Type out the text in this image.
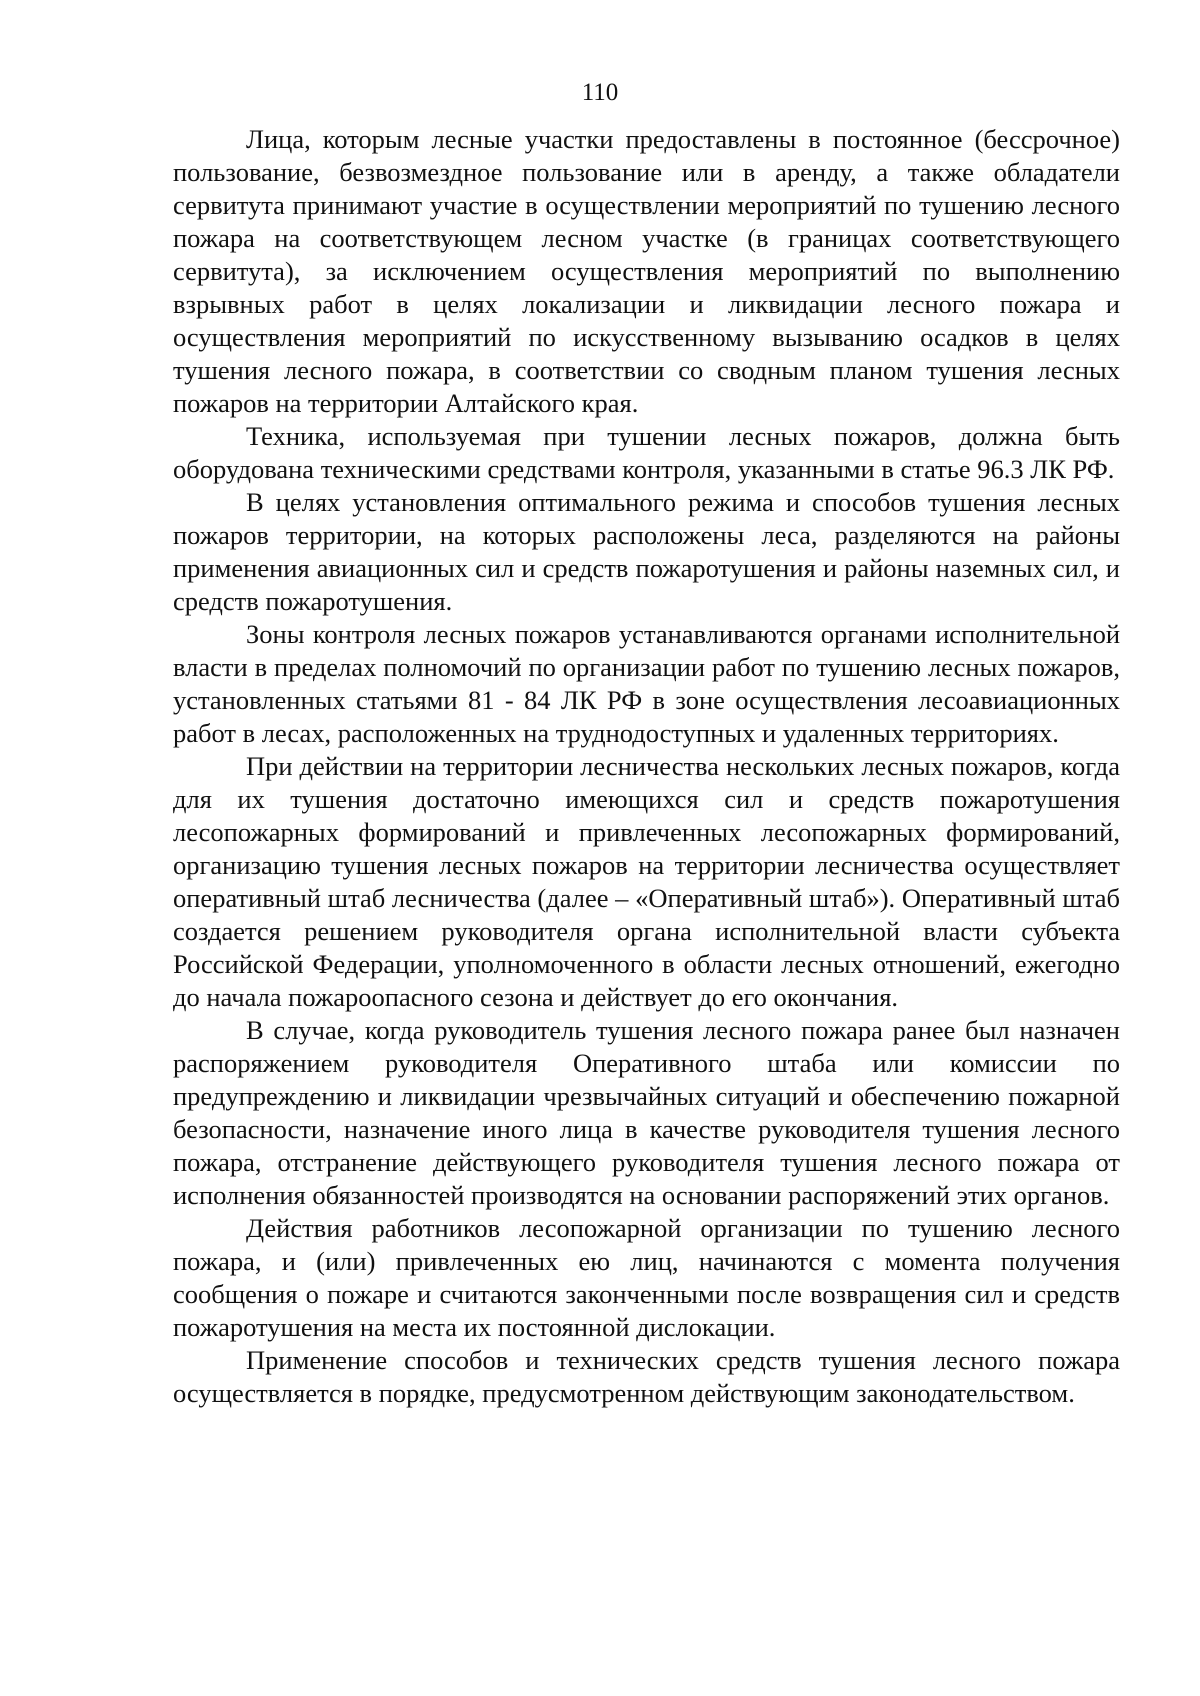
110

Лица, которым лесные участки предоставлены в постоянное (бессрочное) пользование, безвозмездное пользование или в аренду, а также обладатели сервитута принимают участие в осуществлении мероприятий по тушению лесного пожара на соответствующем лесном участке (в границах соответствующего сервитута), за исключением осуществления мероприятий по выполнению взрывных работ в целях локализации и ликвидации лесного пожара и осуществления мероприятий по искусственному вызыванию осадков в целях тушения лесного пожара, в соответствии со сводным планом тушения лесных пожаров на территории Алтайского края.

Техника, используемая при тушении лесных пожаров, должна быть оборудована техническими средствами контроля, указанными в статье 96.3 ЛК РФ.

В целях установления оптимального режима и способов тушения лесных пожаров территории, на которых расположены леса, разделяются на районы применения авиационных сил и средств пожаротушения и районы наземных сил, и средств пожаротушения.

Зоны контроля лесных пожаров устанавливаются органами исполнительной власти в пределах полномочий по организации работ по тушению лесных пожаров, установленных статьями 81 - 84 ЛК РФ в зоне осуществления лесоавиационных работ в лесах, расположенных на труднодоступных и удаленных территориях.

При действии на территории лесничества нескольких лесных пожаров, когда для их тушения достаточно имеющихся сил и средств пожаротушения лесопожарных формирований и привлеченных лесопожарных формирований, организацию тушения лесных пожаров на территории лесничества осуществляет оперативный штаб лесничества (далее – «Оперативный штаб»). Оперативный штаб создается решением руководителя органа исполнительной власти субъекта Российской Федерации, уполномоченного в области лесных отношений, ежегодно до начала пожароопасного сезона и действует до его окончания.

В случае, когда руководитель тушения лесного пожара ранее был назначен распоряжением руководителя Оперативного штаба или комиссии по предупреждению и ликвидации чрезвычайных ситуаций и обеспечению пожарной безопасности, назначение иного лица в качестве руководителя тушения лесного пожара, отстранение действующего руководителя тушения лесного пожара от исполнения обязанностей производятся на основании распоряжений этих органов.

Действия работников лесопожарной организации по тушению лесного пожара, и (или) привлеченных ею лиц, начинаются с момента получения сообщения о пожаре и считаются законченными после возвращения сил и средств пожаротушения на места их постоянной дислокации.

Применение способов и технических средств тушения лесного пожара осуществляется в порядке, предусмотренном действующим законодательством.
